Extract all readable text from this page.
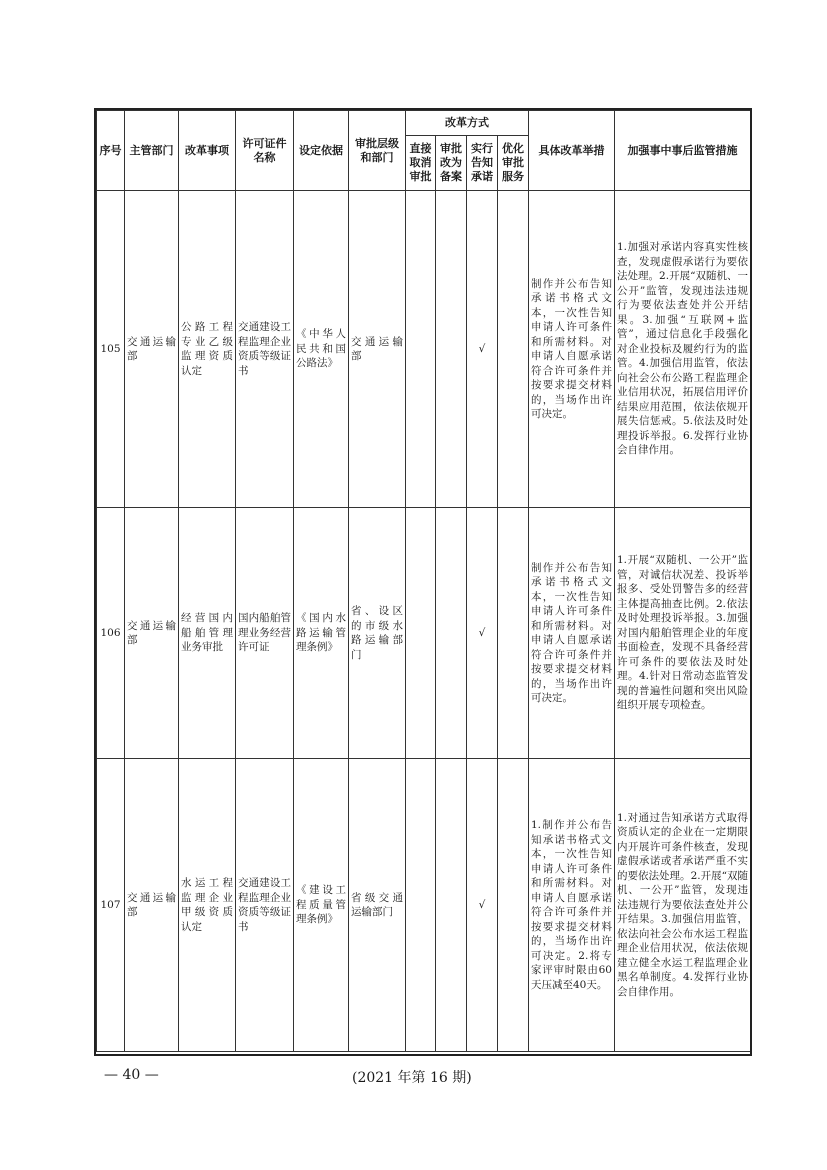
序号	主管部门	改革事项	许可证件名称	设定依据	审批层级和部门	改革方式				具体改革举措	加强事中事后监管措施
						直接取消审批	审批改为备案	实行告知承诺	优化审批服务		
105	交通运输部	公路工程专业乙级监理资质认定	交通建设工程监理企业资质等级证书	《中华人民共和国公路法》	交通运输部			√		制作并公布告知承诺书格式文本，一次性告知申请人许可条件和所需材料。对申请人自愿承诺符合许可条件并按要求提交材料的，当场作出许可决定。	1.加强对承诺内容真实性核查，发现虚假承诺行为要依法处理。2.开展“双随机、一公开”监管，发现违法违规行为要依法查处并公开结果。3.加强“互联网+监管”，通过信息化手段强化对企业投标及履约行为的监管。4.加强信用监管，依法向社会公布公路工程监理企业信用状况，拓展信用评价结果应用范围，依法依规开展失信惩戒。5.依法及时处理投诉举报。6.发挥行业协会自律作用。
106	交通运输部	经营国内船舶管理业务审批	国内船舶管理业务经营许可证	《国内水路运输管理条例》	省、设区的市级水路运输部门			√		制作并公布告知承诺书格式文本，一次性告知申请人许可条件和所需材料。对申请人自愿承诺符合许可条件并按要求提交材料的，当场作出许可决定。	1.开展“双随机、一公开”监管，对诚信状况差、投诉举报多、受处罚警告多的经营主体提高抽查比例。2.依法及时处理投诉举报。3.加强对国内船舶管理企业的年度书面检查，发现不具备经营许可条件的要依法及时处理。4.针对日常动态监管发现的普遍性问题和突出风险组织开展专项检查。
107	交通运输部	水运工程监理企业甲级资质认定	交通建设工程监理企业资质等级证书	《建设工程质量管理条例》	省级交通运输部门			√		1.制作并公布告知承诺书格式文本，一次性告知申请人许可条件和所需材料。对申请人自愿承诺符合许可条件并按要求提交材料的，当场作出许可决定。2.将专家评审时限由60天压减至40天。	1.对通过告知承诺方式取得资质认定的企业在一定期限内开展许可条件核查，发现虚假承诺或者承诺严重不实的要依法处理。2.开展“双随机、一公开”监管，发现违法违规行为要依法查处并公开结果。3.加强信用监管，依法向社会公布水运工程监理企业信用状况，依法依规建立健全水运工程监理企业黑名单制度。4.发挥行业协会自律作用。
— 40 —	(2021 年第 16 期)
